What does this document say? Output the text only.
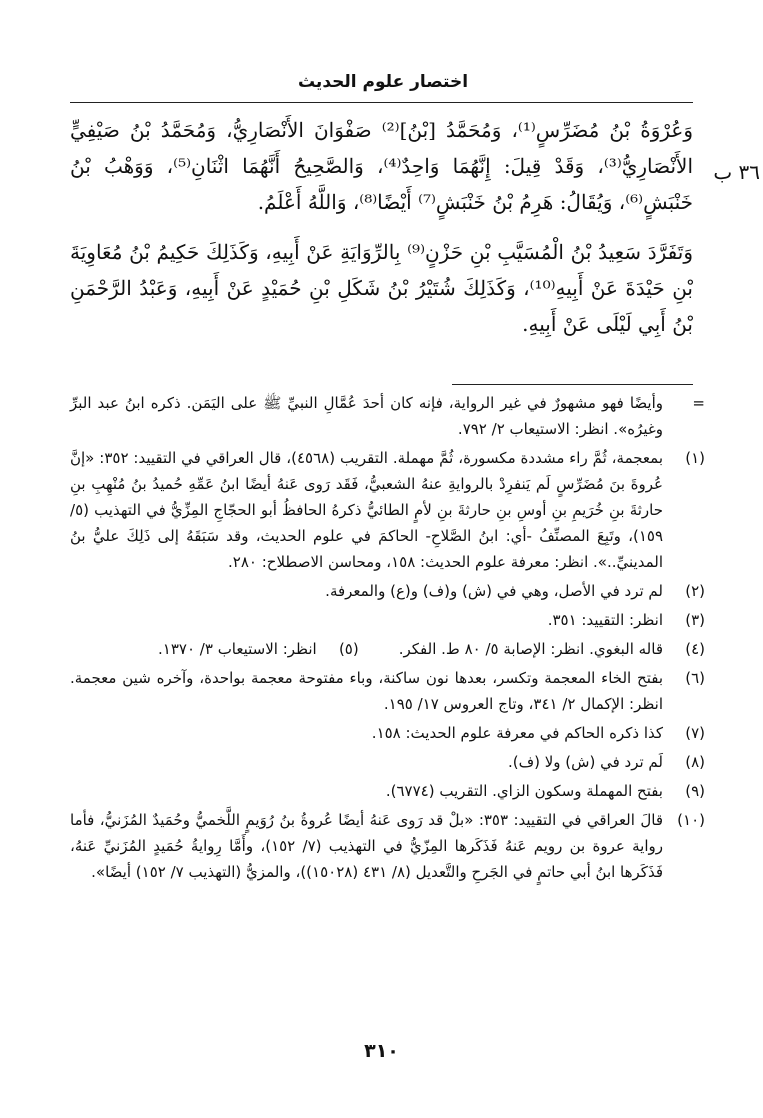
اختصار علوم الحديث
٣٦ ب

وَعُرْوَةُ بْنُ مُضَرِّسٍ⁽¹⁾، وَمُحَمَّدُ [بْنُ]⁽²⁾ صَفْوَانَ الأَنْصَارِيُّ، وَمُحَمَّدُ بْنُ صَيْفِيٍّ الأَنْصَارِيُّ⁽³⁾، وَقَدْ قِيلَ: إِنَّهُمَا وَاحِدٌ⁽⁴⁾، وَالصَّحِيحُ أَنَّهُمَا اثْنَانِ⁽⁵⁾، وَوَهْبُ بْنُ خَنْبَشٍ⁽⁶⁾، وَيُقَالُ: هَرِمُ بْنُ خَنْبَشٍ⁽⁷⁾ أَيْضًا⁽⁸⁾، وَاللَّهُ أَعْلَمُ.

وَتَفَرَّدَ سَعِيدُ بْنُ الْمُسَيَّبِ بْنِ حَزْنٍ⁽⁹⁾ بِالرِّوَايَةِ عَنْ أَبِيهِ، وَكَذَلِكَ حَكِيمُ بْنُ مُعَاوِيَةَ بْنِ حَيْدَةَ عَنْ أَبِيهِ⁽¹⁰⁾، وَكَذَلِكَ شُتَيْرُ بْنُ شَكَلِ بْنِ حُمَيْدٍ عَنْ أَبِيهِ، وَعَبْدُ الرَّحْمَنِ بْنُ أَبِي لَيْلَى عَنْ أَبِيهِ.

=
وأيضًا فهو مشهورٌ في غير الرواية، فإنه كان أحدَ عُمَّالِ النبيِّ ﷺ على اليَمَن. ذكره ابنُ عبد البرِّ وغيرُه». انظر: الاستيعاب ٢/ ٧٩٢.
(١)
بمعجمة، ثُمَّ راء مشددة مكسورة، ثُمَّ مهملة. التقريب (٤٥٦٨)، قال العراقي في التقييد: ٣٥٢: «إنَّ عُروةَ بنَ مُضَرِّسٍ لَم يَنفرِدْ بالروايةِ عنهُ الشعبيُّ، فَقَد رَوى عَنهُ أيضًا ابنُ عَمِّهِ حُميدُ بنُ مُنْهِبِ بنِ حارثةَ بنِ خُرَيمِ بنِ أوسِ بنِ حارثةَ بنِ لأمٍ الطائيُّ ذكرهُ الحافظُ أبو الحجّاجِ المِزِّيُّ في التهذيب (٥/ ١٥٩)، وتَبِعَ المصنِّفُ -أي: ابنُ الصَّلاحِ- الحاكمَ في علوم الحديث، وقد سَبَقَهُ إلى ذَلِكَ عليُّ بنُ المدينيِّ..». انظر: معرفة علوم الحديث: ١٥٨، ومحاسن الاصطلاح: ٢٨٠.
(٢)
لم ترد في الأصل، وهي في (ش) و(ف) و(ع) والمعرفة.
(٣)
انظر: التقييد: ٣٥١.
(٤)
قاله البغوي. انظر: الإصابة ٥/ ٨٠ ط. الفكر.
(٥)
انظر: الاستيعاب ٣/ ١٣٧٠.
(٦)
بفتح الخاء المعجمة وتكسر، بعدها نون ساكنة، وباء مفتوحة معجمة بواحدة، وآخره شين معجمة. انظر: الإكمال ٢/ ٣٤١، وتاج العروس ١٧/ ١٩٥.
(٧)
كذا ذكره الحاكم في معرفة علوم الحديث: ١٥٨.
(٨)
لَم ترد في (ش) ولا (ف).
(٩)
بفتح المهملة وسكون الزاي. التقريب (٦٧٧٤).
(١٠)
قالَ العراقي في التقييد: ٣٥٣: «بلْ قد رَوى عَنهُ أيضًا عُروةُ بنُ رُوَيمٍ اللَّخميُّ وحُمَيدٌ المُزَنيُّ، فأما رواية عروة بن رويم عَنهُ فَذَكَرها المِزّيُّ في التهذيب (٧/ ١٥٢)، وأَمَّا رِوايةُ حُمَيدٍ المُزَنيِّ عَنهُ، فَذَكَرها ابنُ أبي حاتمٍ في الجَرحِ والتَّعديل (٨/ ٤٣١ (١٥٠٢٨))، والمزيُّ (التهذيب ٧/ ١٥٢) أيضًا».
٣١٠
